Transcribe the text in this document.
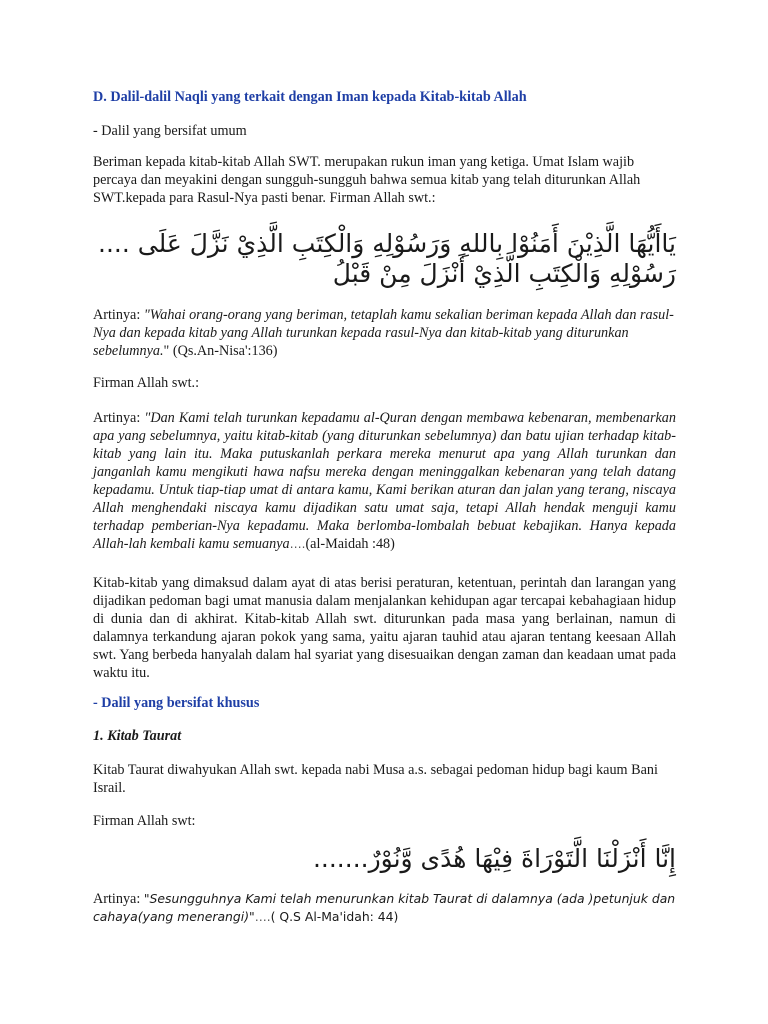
D. Dalil-dalil Naqli yang terkait dengan Iman kepada Kitab-kitab Allah

- Dalil yang bersifat umum

Beriman kepada kitab-kitab Allah SWT. merupakan rukun iman yang ketiga. Umat Islam wajib percaya dan meyakini dengan sungguh-sungguh bahwa semua kitab yang telah diturunkan Allah SWT.kepada para Rasul-Nya pasti benar. Firman Allah swt.:

يَاأَيُّهَا الَّذِيْنَ أَمَنُوْا بِاللهِ وَرَسُوْلِهِ وَالْكِتَبِ الَّذِيْ نَزَّلَ عَلَى ....
رَسُوْلِهِ وَالْكِتَبِ الَّذِيْ أَنْزَلَ مِنْ قَبْلُ

Artinya: "Wahai orang-orang yang beriman, tetaplah kamu sekalian beriman kepada Allah dan rasul-Nya dan kepada kitab yang Allah turunkan kepada rasul-Nya dan kitab-kitab yang diturunkan sebelumnya." (Qs.An-Nisa':136)

Firman Allah swt.:

Artinya: "Dan Kami telah turunkan kepadamu al-Quran dengan membawa kebenaran, membenarkan apa yang sebelumnya, yaitu kitab-kitab (yang diturunkan sebelumnya) dan batu ujian terhadap kitab-kitab yang lain itu. Maka putuskanlah perkara mereka menurut apa yang Allah turunkan dan janganlah kamu mengikuti hawa nafsu mereka dengan meninggalkan kebenaran yang telah datang kepadamu. Untuk tiap-tiap umat di antara kamu, Kami berikan aturan dan jalan yang terang, niscaya Allah menghendaki niscaya kamu dijadikan satu umat saja, tetapi Allah hendak menguji kamu terhadap pemberian-Nya kepadamu. Maka berlomba-lombalah bebuat kebajikan. Hanya kepada Allah-lah kembali kamu semuanya….(al-Maidah :48)

Kitab-kitab yang dimaksud dalam ayat di atas berisi peraturan, ketentuan, perintah dan larangan yang dijadikan pedoman bagi umat manusia dalam menjalankan kehidupan agar tercapai kebahagiaan hidup di dunia dan di akhirat. Kitab-kitab Allah swt. diturunkan pada masa yang berlainan, namun di dalamnya terkandung ajaran pokok yang sama, yaitu ajaran tauhid atau ajaran tentang keesaan Allah swt. Yang berbeda hanyalah dalam hal syariat yang disesuaikan dengan zaman dan keadaan umat pada waktu itu.

- Dalil yang bersifat khusus

1. Kitab Taurat

Kitab Taurat diwahyukan Allah swt. kepada nabi Musa a.s. sebagai pedoman hidup bagi kaum Bani Israil.

Firman Allah swt:

إِنَّا أَنْزَلْنَا الَّتَوْرَاةَ فِيْهَا هُدًى وَّنُوْرٌ.......

Artinya: "Sesungguhnya Kami telah menurunkan kitab Taurat di dalamnya (ada )petunjuk dan cahaya(yang menerangi)"….( Q.S Al-Ma'idah: 44)
